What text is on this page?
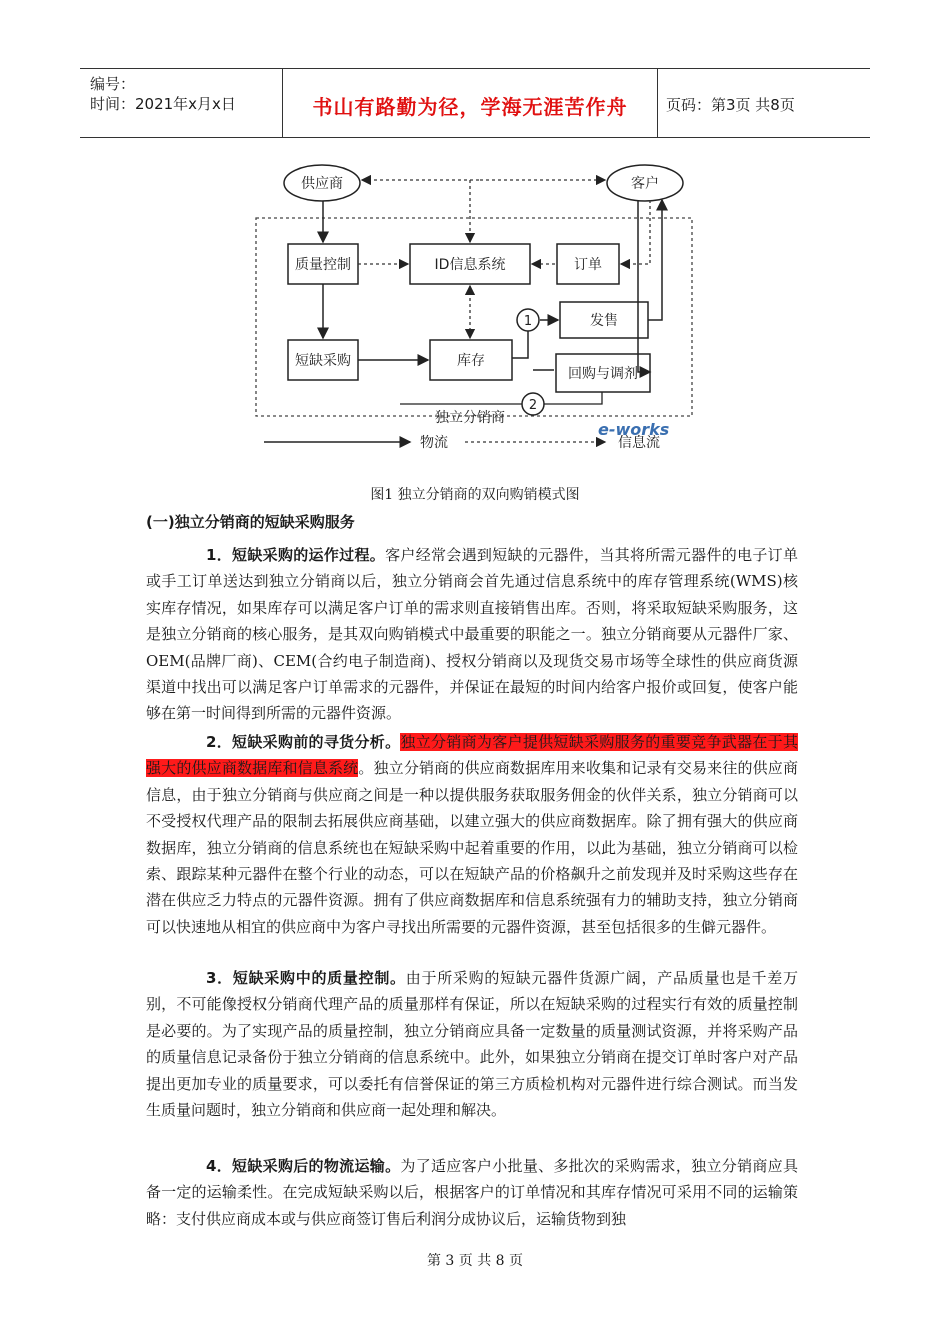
编号：
时间：2021年x月x日	书山有路勤为径，学海无涯苦作舟	页码：第3页 共8页
供应商	客户
质量控制	ID信息系统	订单
发售
短缺采购	库存
回购与调剂
1
2
独立分销商
物流	信息流
e-works
图1 独立分销商的双向购销模式图
(一)独立分销商的短缺采购服务
1．短缺采购的运作过程。客户经常会遇到短缺的元器件，当其将所需元器件的电子订单或手工订单送达到独立分销商以后，独立分销商会首先通过信息系统中的库存管理系统(WMS)核实库存情况，如果库存可以满足客户订单的需求则直接销售出库。否则，将采取短缺采购服务，这是独立分销商的核心服务，是其双向购销模式中最重要的职能之一。独立分销商要从元器件厂家、OEM(品牌厂商)、CEM(合约电子制造商)、授权分销商以及现货交易市场等全球性的供应商货源渠道中找出可以满足客户订单需求的元器件，并保证在最短的时间内给客户报价或回复，使客户能够在第一时间得到所需的元器件资源。
2．短缺采购前的寻货分析。独立分销商为客户提供短缺采购服务的重要竞争武器在于其强大的供应商数据库和信息系统。独立分销商的供应商数据库用来收集和记录有交易来往的供应商信息，由于独立分销商与供应商之间是一种以提供服务获取服务佣金的伙伴关系，独立分销商可以不受授权代理产品的限制去拓展供应商基础，以建立强大的供应商数据库。除了拥有强大的供应商数据库，独立分销商的信息系统也在短缺采购中起着重要的作用，以此为基础，独立分销商可以检索、跟踪某种元器件在整个行业的动态，可以在短缺产品的价格飙升之前发现并及时采购这些存在潜在供应乏力特点的元器件资源。拥有了供应商数据库和信息系统强有力的辅助支持，独立分销商可以快速地从相宜的供应商中为客户寻找出所需要的元器件资源，甚至包括很多的生僻元器件。
3．短缺采购中的质量控制。由于所采购的短缺元器件货源广阔，产品质量也是千差万别，不可能像授权分销商代理产品的质量那样有保证，所以在短缺采购的过程实行有效的质量控制是必要的。为了实现产品的质量控制，独立分销商应具备一定数量的质量测试资源，并将采购产品的质量信息记录备份于独立分销商的信息系统中。此外，如果独立分销商在提交订单时客户对产品提出更加专业的质量要求，可以委托有信誉保证的第三方质检机构对元器件进行综合测试。而当发生质量问题时，独立分销商和供应商一起处理和解决。
4．短缺采购后的物流运输。为了适应客户小批量、多批次的采购需求，独立分销商应具备一定的运输柔性。在完成短缺采购以后，根据客户的订单情况和其库存情况可采用不同的运输策略：支付供应商成本或与供应商签订售后利润分成协议后，运输货物到独
第 3 页 共 8 页
